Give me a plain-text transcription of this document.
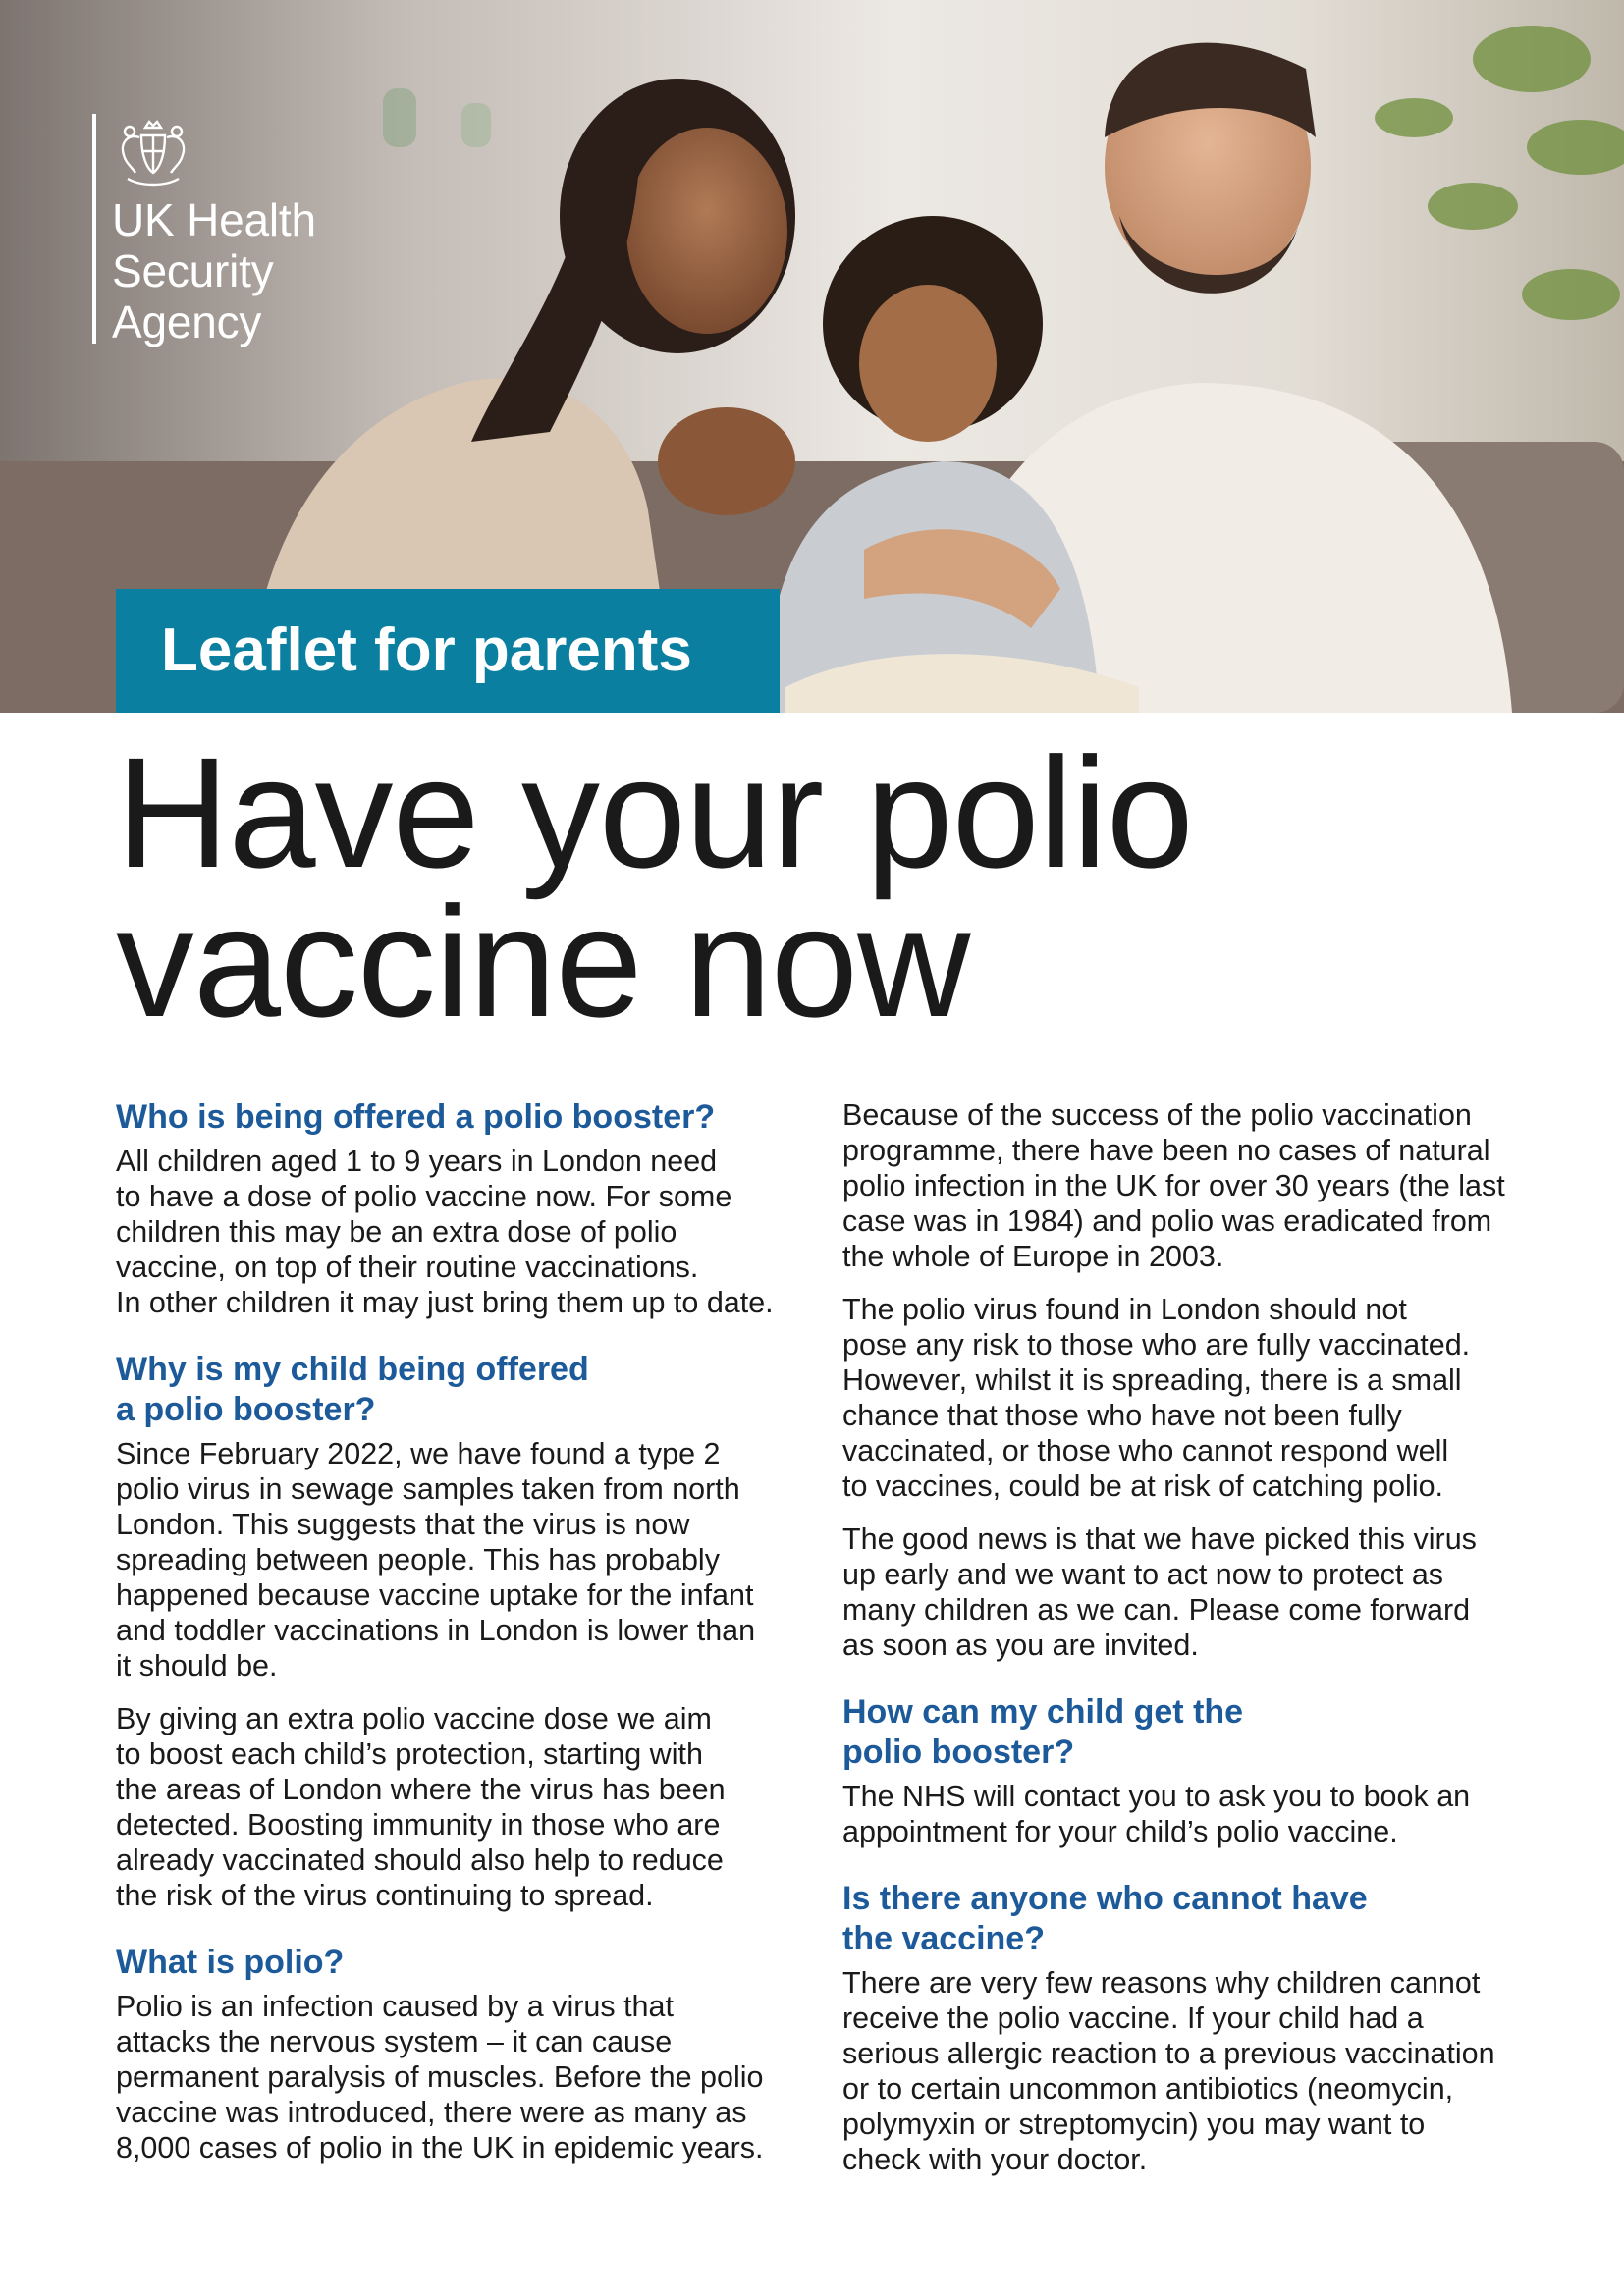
UK Health
Security
Agency
Leaflet for parents
Have your polio
vaccine now
Who is being offered a polio booster?

All children aged 1 to 9 years in London need
to have a dose of polio vaccine now. For some
children this may be an extra dose of polio
vaccine, on top of their routine vaccinations.
In other children it may just bring them up to date.

Why is my child being offered
a polio booster?

Since February 2022, we have found a type 2
polio virus in sewage samples taken from north
London. This suggests that the virus is now
spreading between people. This has probably
happened because vaccine uptake for the infant
and toddler vaccinations in London is lower than
it should be.

By giving an extra polio vaccine dose we aim
to boost each child’s protection, starting with
the areas of London where the virus has been
detected. Boosting immunity in those who are
already vaccinated should also help to reduce
the risk of the virus continuing to spread.

What is polio?

Polio is an infection caused by a virus that
attacks the nervous system – it can cause
permanent paralysis of muscles. Before the polio
vaccine was introduced, there were as many as
8,000 cases of polio in the UK in epidemic years.

Because of the success of the polio vaccination
programme, there have been no cases of natural
polio infection in the UK for over 30 years (the last
case was in 1984) and polio was eradicated from
the whole of Europe in 2003.

The polio virus found in London should not
pose any risk to those who are fully vaccinated.
However, whilst it is spreading, there is a small
chance that those who have not been fully
vaccinated, or those who cannot respond well
to vaccines, could be at risk of catching polio.

The good news is that we have picked this virus
up early and we want to act now to protect as
many children as we can. Please come forward
as soon as you are invited.

How can my child get the
polio booster?

The NHS will contact you to ask you to book an
appointment for your child’s polio vaccine.

Is there anyone who cannot have
the vaccine?

There are very few reasons why children cannot
receive the polio vaccine. If your child had a
serious allergic reaction to a previous vaccination
or to certain uncommon antibiotics (neomycin,
polymyxin or streptomycin) you may want to
check with your doctor.
